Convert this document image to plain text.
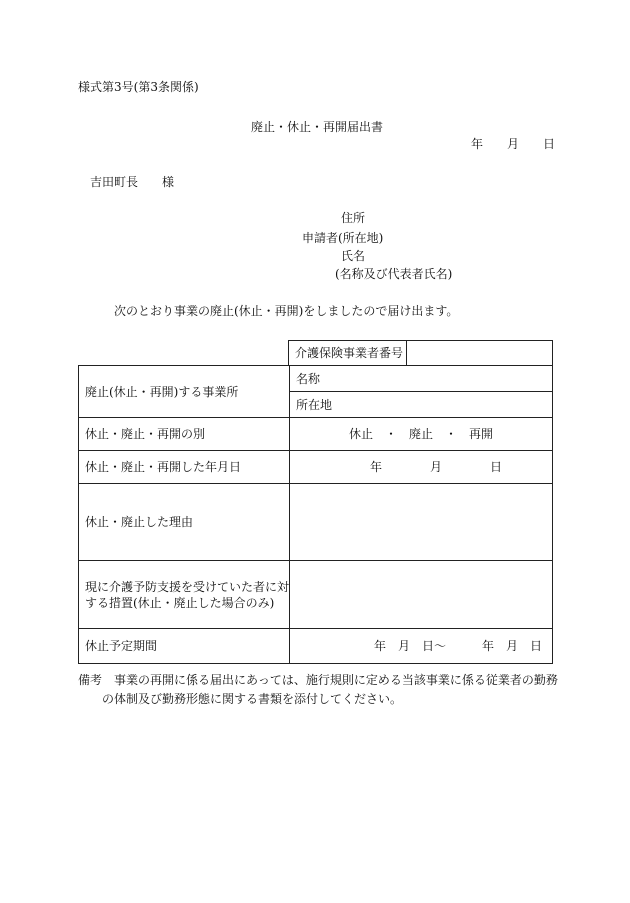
様式第3号(第3条関係)
廃止・休止・再開届出書
年　　月　　日
吉田町長　　様
住所
申請者(所在地)
氏名
(名称及び代表者氏名)
次のとおり事業の廃止(休止・再開)をしましたので届け出ます。
介護保険事業者番号	
廃止(休止・再開)する事業所	名称
	所在地
休止・廃止・再開の別	休止　・　廃止　・　再開
休止・廃止・再開した年月日	年　　　　月　　　　日
休止・廃止した理由	

現に介護予防支援を受けていた者に対
する措置(休止・廃止した場合のみ)	

休止予定期間	年　月　日〜　　　年　月　日
備考 事業の再開に係る届出にあっては、施行規則に定める当該事業に係る従業者の勤務
の体制及び勤務形態に関する書類を添付してください。
